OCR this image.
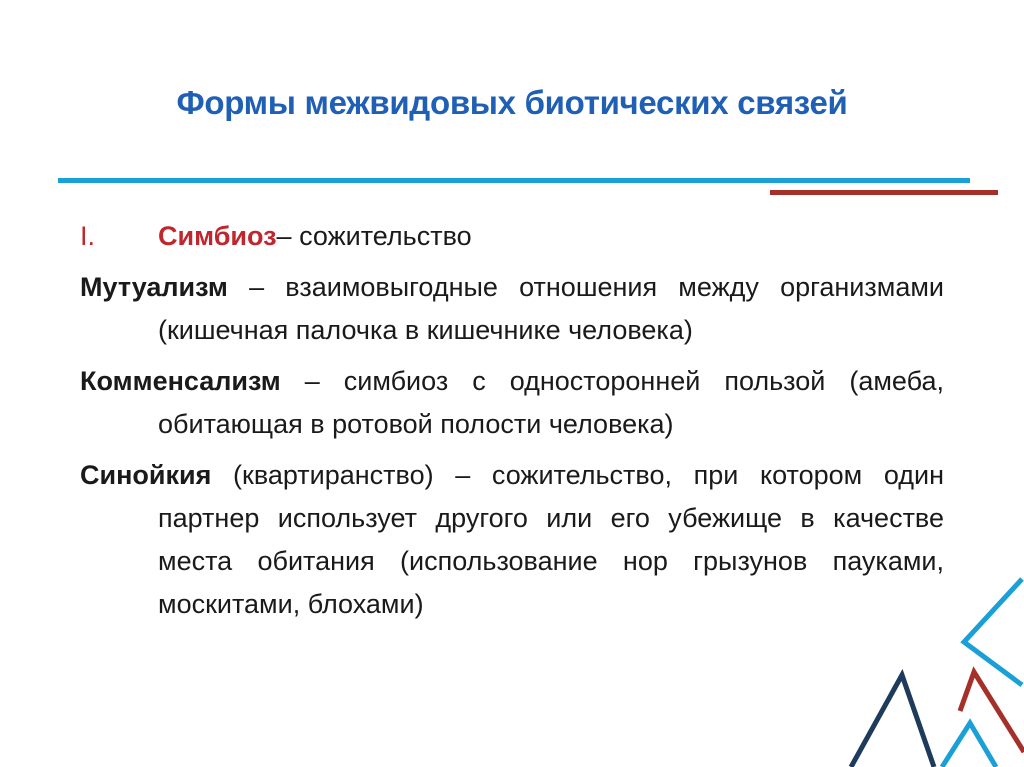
Формы межвидовых биотических связей
I.	Симбиоз – сожительство
Мутуализм – взаимовыгодные отношения между организмами (кишечная палочка в кишечнике человека)
Комменсализм – симбиоз с односторонней пользой (амеба, обитающая в ротовой полости человека)
Синойкия (квартиранство) – сожительство, при котором один партнер использует другого или его убежище в качестве места обитания (использование нор грызунов пауками, москитами, блохами)
